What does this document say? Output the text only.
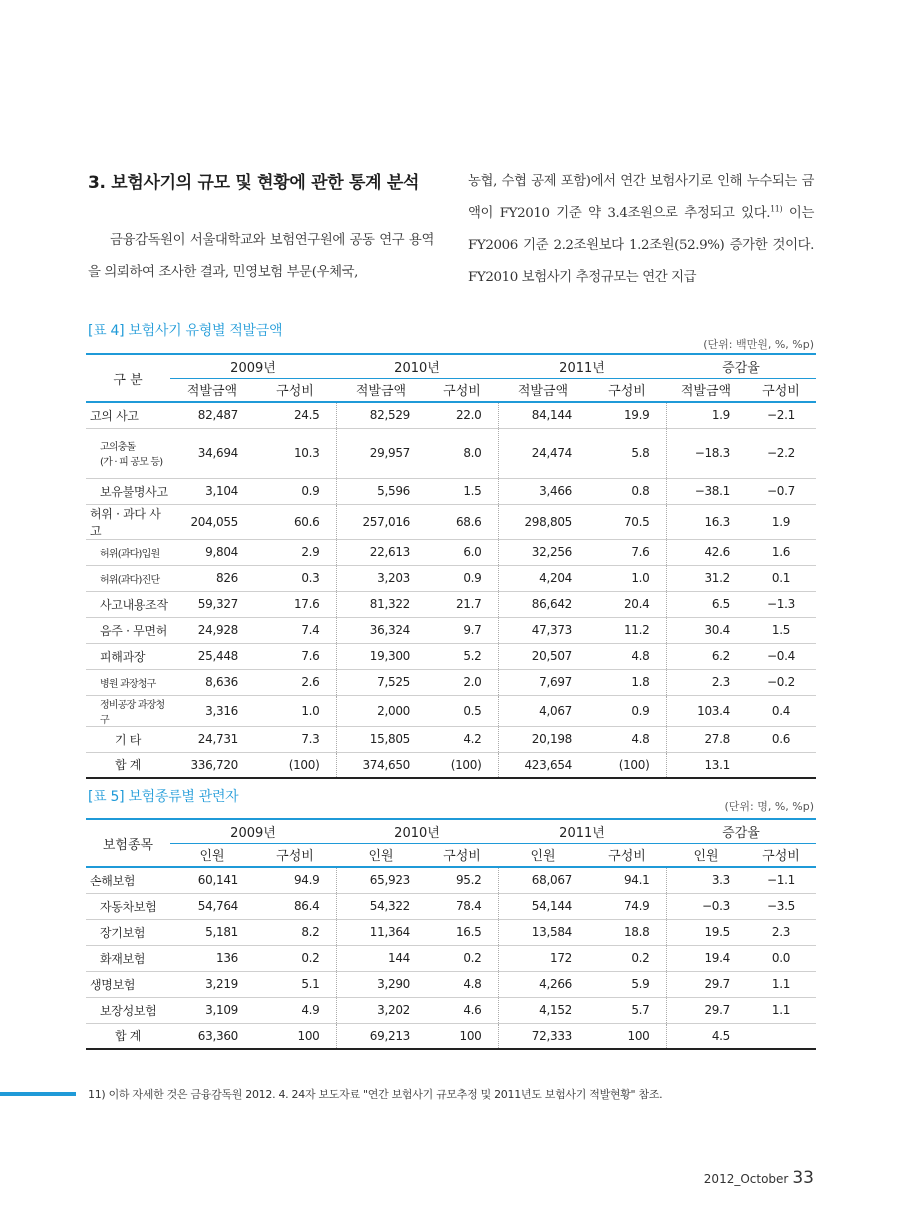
3. 보험사기의 규모 및 현황에 관한 통계 분석

금융감독원이 서울대학교와 보험연구원에 공동 연구 용역을 의뢰하여 조사한 결과, 민영보험 부문(우체국,

농협, 수협 공제 포함)에서 연간 보험사기로 인해 누수되는 금액이 FY2010 기준 약 3.4조원으로 추정되고 있다.$^{11)}$ 이는 FY2006 기준 2.2조원보다 1.2조원(52.9%) 증가한 것이다. FY2010 보험사기 추정규모는 연간 지급
[표 4] 보험사기 유형별 적발금액
(단위: 백만원, %, %p)
구 분	2009년		2010년		2011년		증감율	
	적발금액	구성비	적발금액	구성비	적발금액	구성비	적발금액	구성비
고의 사고	82,487	24.5	82,529	22.0	84,144	19.9	1.9	−2.1
고의충돌
(가 · 피 공모 등)	34,694	10.3	29,957	8.0	24,474	5.8	−18.3	−2.2
보유불명사고	3,104	0.9	5,596	1.5	3,466	0.8	−38.1	−0.7
허위 · 과다 사고	204,055	60.6	257,016	68.6	298,805	70.5	16.3	1.9
허위(과다)입원	9,804	2.9	22,613	6.0	32,256	7.6	42.6	1.6
허위(과다)진단	826	0.3	3,203	0.9	4,204	1.0	31.2	0.1
사고내용조작	59,327	17.6	81,322	21.7	86,642	20.4	6.5	−1.3
음주 · 무면허	24,928	7.4	36,324	9.7	47,373	11.2	30.4	1.5
피해과장	25,448	7.6	19,300	5.2	20,507	4.8	6.2	−0.4
병원 과장청구	8,636	2.6	7,525	2.0	7,697	1.8	2.3	−0.2
정비공장 과장청구	3,316	1.0	2,000	0.5	4,067	0.9	103.4	0.4
기 타	24,731	7.3	15,805	4.2	20,198	4.8	27.8	0.6
합 계	336,720	(100)	374,650	(100)	423,654	(100)	13.1	
[표 5] 보험종류별 관련자
(단위: 명, %, %p)
보험종목	2009년		2010년		2011년		증감율	
	인원	구성비	인원	구성비	인원	구성비	인원	구성비
손해보험	60,141	94.9	65,923	95.2	68,067	94.1	3.3	−1.1
자동차보험	54,764	86.4	54,322	78.4	54,144	74.9	−0.3	−3.5
장기보험	5,181	8.2	11,364	16.5	13,584	18.8	19.5	2.3
화재보험	136	0.2	144	0.2	172	0.2	19.4	0.0
생명보험	3,219	5.1	3,290	4.8	4,266	5.9	29.7	1.1
보장성보험	3,109	4.9	3,202	4.6	4,152	5.7	29.7	1.1
합 계	63,360	100	69,213	100	72,333	100	4.5	
11) 이하 자세한 것은 금융감독원 2012. 4. 24자 보도자료 "연간 보험사기 규모추정 및 2011년도 보험사기 적발현황" 참조.
2012_October 33
